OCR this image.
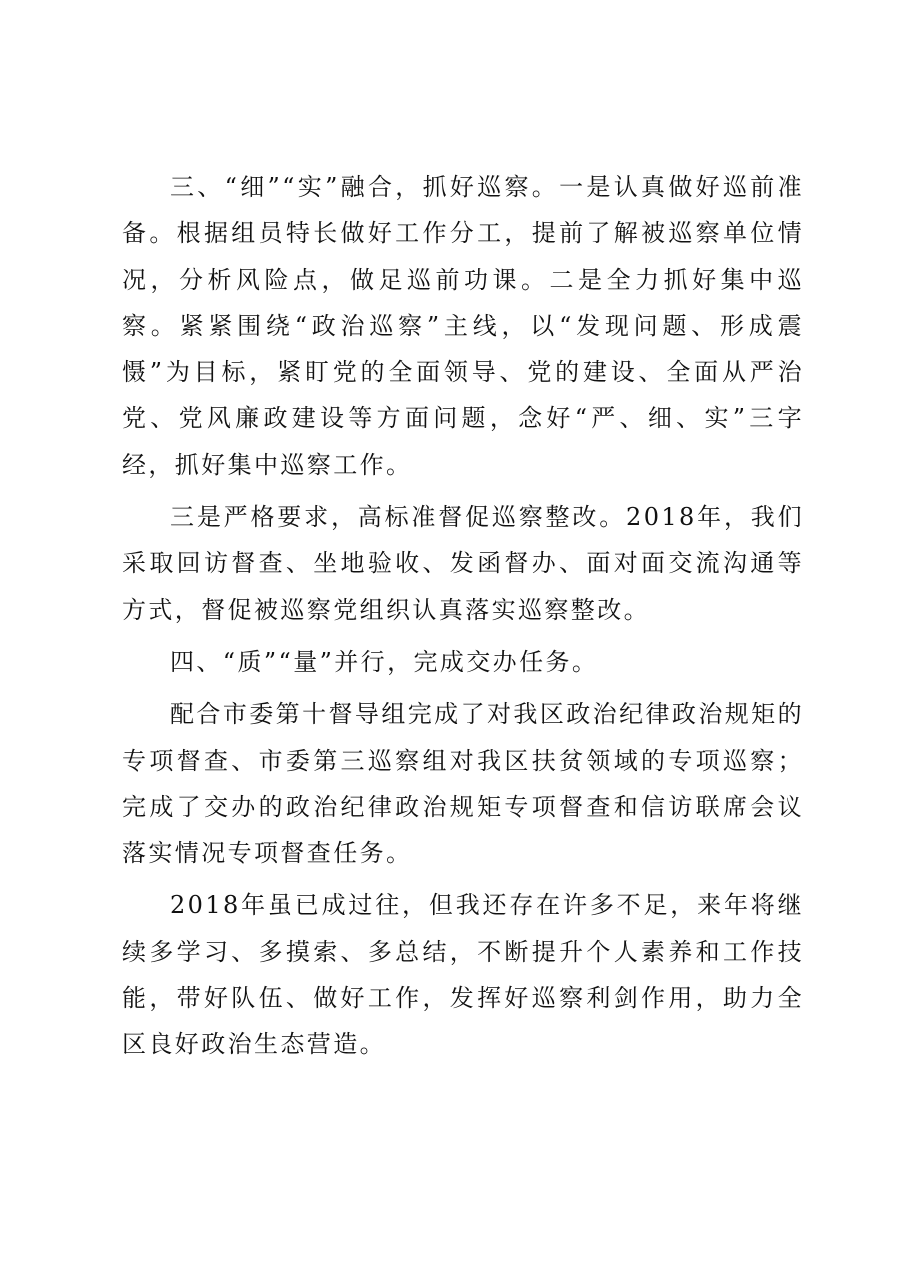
三、“细”“实”融合，抓好巡察。一是认真做好巡前准备。根据组员特长做好工作分工，提前了解被巡察单位情况，分析风险点，做足巡前功课。二是全力抓好集中巡察。紧紧围绕“政治巡察”主线，以“发现问题、形成震慑”为目标，紧盯党的全面领导、党的建设、全面从严治党、党风廉政建设等方面问题，念好“严、细、实”三字经，抓好集中巡察工作。

三是严格要求，高标准督促巡察整改。2018年，我们采取回访督查、坐地验收、发函督办、面对面交流沟通等方式，督促被巡察党组织认真落实巡察整改。

四、“质”“量”并行，完成交办任务。

配合市委第十督导组完成了对我区政治纪律政治规矩的专项督查、市委第三巡察组对我区扶贫领域的专项巡察；完成了交办的政治纪律政治规矩专项督查和信访联席会议落实情况专项督查任务。

2018年虽已成过往，但我还存在许多不足，来年将继续多学习、多摸索、多总结，不断提升个人素养和工作技能，带好队伍、做好工作，发挥好巡察利剑作用，助力全区良好政治生态营造。
